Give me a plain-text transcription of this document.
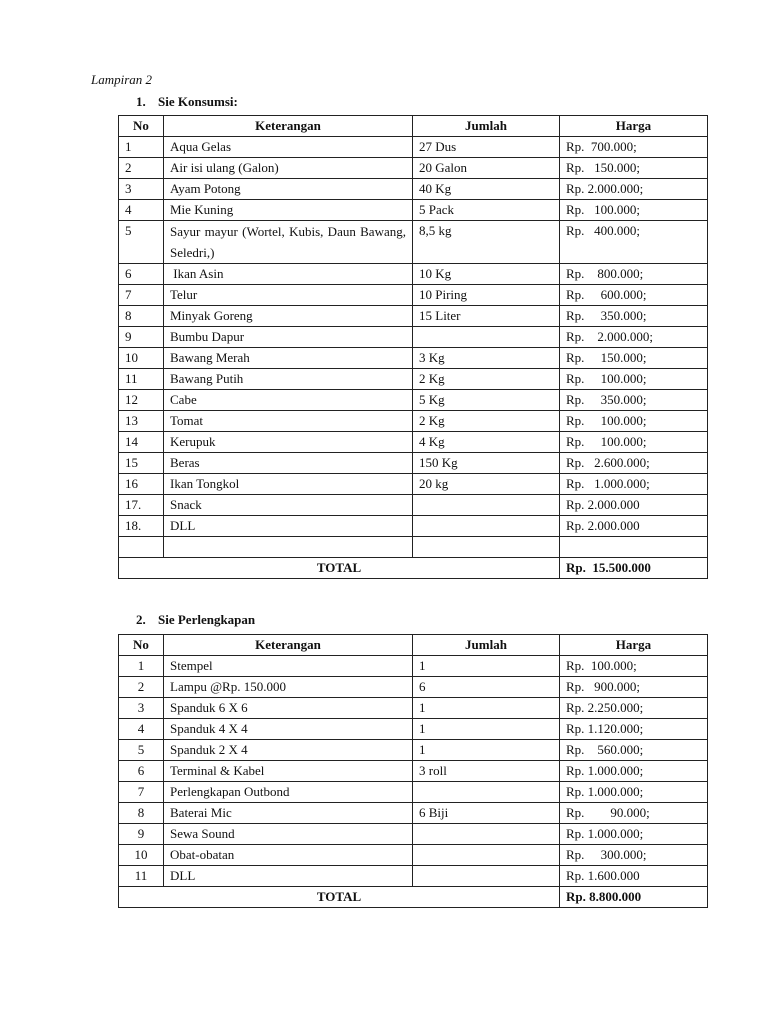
Lampiran 2
1. Sie Konsumsi:
No	Keterangan	Jumlah	Harga
1	Aqua Gelas	27 Dus	Rp.  700.000;
2	Air isi ulang (Galon)	20 Galon	Rp.   150.000;
3	Ayam Potong	40 Kg	Rp. 2.000.000;
4	Mie Kuning	5 Pack	Rp.   100.000;
5	Sayur mayur (Wortel, Kubis, Daun Bawang, Seledri,)	8,5 kg	Rp.   400.000;
6	Ikan Asin	10 Kg	Rp.    800.000;
7	Telur	10 Piring	Rp.     600.000;
8	Minyak Goreng	15 Liter	Rp.     350.000;
9	Bumbu Dapur		Rp.    2.000.000;
10	Bawang Merah	3 Kg	Rp.     150.000;
11	Bawang Putih	2 Kg	Rp.     100.000;
12	Cabe	5 Kg	Rp.     350.000;
13	Tomat	2 Kg	Rp.     100.000;
14	Kerupuk	4 Kg	Rp.     100.000;
15	Beras	150 Kg	Rp.   2.600.000;
16	Ikan Tongkol	20 kg	Rp.   1.000.000;
17.	Snack		Rp. 2.000.000
18.	DLL		Rp. 2.000.000

TOTAL			Rp.  15.500.000
2. Sie Perlengkapan
No	Keterangan	Jumlah	Harga
1	Stempel	1	Rp.  100.000;
2	Lampu @Rp. 150.000	6	Rp.   900.000;
3	Spanduk 6 X 6	1	Rp. 2.250.000;
4	Spanduk 4 X 4	1	Rp. 1.120.000;
5	Spanduk 2 X 4	1	Rp.    560.000;
6	Terminal & Kabel	3 roll	Rp. 1.000.000;
7	Perlengkapan Outbond		Rp. 1.000.000;
8	Baterai Mic	6 Biji	Rp.        90.000;
9	Sewa Sound		Rp. 1.000.000;
10	Obat-obatan		Rp.     300.000;
11	DLL		Rp. 1.600.000
TOTAL			Rp. 8.800.000
